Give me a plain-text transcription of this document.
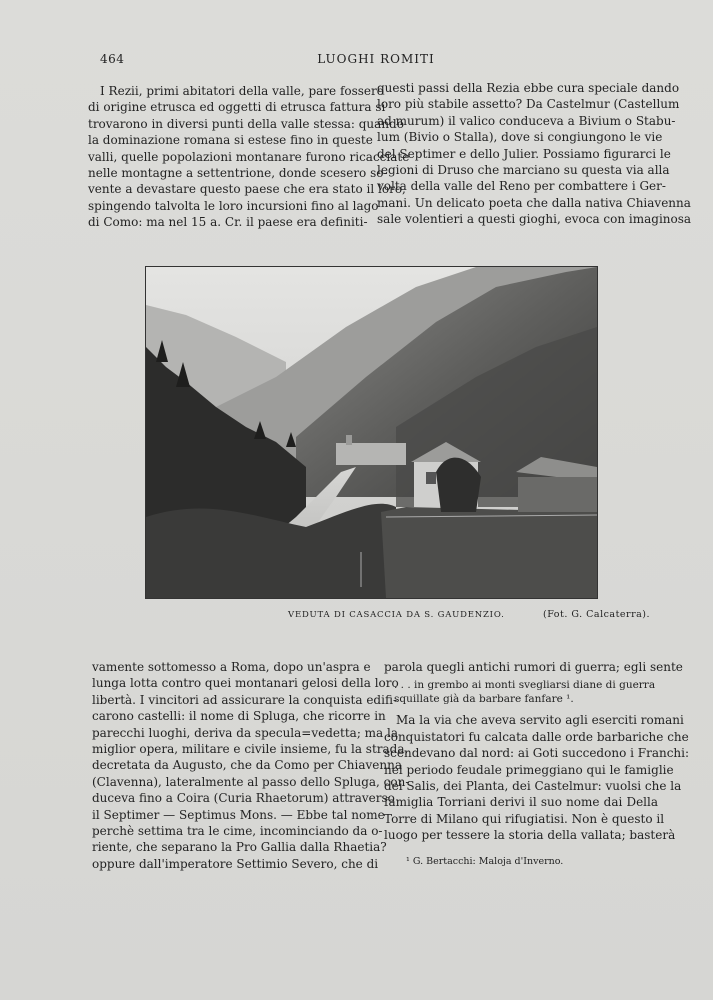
464	LUOGHI ROMITI
I Rezii, primi abitatori della valle, pare fossero
di origine etrusca ed oggetti di etrusca fattura si
trovarono in diversi punti della valle stessa: quando
la dominazione romana si estese fino in queste
valli, quelle popolazioni montanare furono ricacciate
nelle montagne a settentrione, donde scesero so-
vente a devastare questo paese che era stato il loro,
spingendo talvolta le loro incursioni fino al lago
di Como: ma nel 15 a. Cr. il paese era definiti-
questi passi della Rezia ebbe cura speciale dando
loro più stabile assetto? Da Castelmur (Castellum
ad murum) il valico conduceva a Bivium o Stabu-
lum (Bivio o Stalla), dove si congiungono le vie
del Septimer e dello Julier. Possiamo figurarci le
legioni di Druso che marciano su questa via alla
volta della valle del Reno per combattere i Ger-
mani. Un delicato poeta che dalla nativa Chiavenna
sale volentieri a questi gioghi, evoca con imaginosa
VEDUTA DI CASACCIA DA S. GAUDENZIO.	(Fot. G. Calcaterra).
vamente sottomesso a Roma, dopo un'aspra e
lunga lotta contro quei montanari gelosi della loro
libertà. I vincitori ad assicurare la conquista edifi-
carono castelli: il nome di Spluga, che ricorre in
parecchi luoghi, deriva da specula=vedetta; ma la
miglior opera, militare e civile insieme, fu la strada,
decretata da Augusto, che da Como per Chiavenna
(Clavenna), lateralmente al passo dello Spluga, con-
duceva fino a Coira (Curia Rhaetorum) attraverso
il Septimer — Septimus Mons. — Ebbe tal nome
perchè settima tra le cime, incominciando da o-
riente, che separano la Pro Gallia dalla Rhaetia?
oppure dall'imperatore Settimio Severo, che di
parola quegli antichi rumori di guerra; egli sente
. . . in grembo ai monti svegliarsi diane di guerra
squillate già da barbare fanfare ¹.
Ma la via che aveva servito agli eserciti romani
conquistatori fu calcata dalle orde barbariche che
scendevano dal nord: ai Goti succedono i Franchi:
nel periodo feudale primeggiano qui le famiglie
dei Salis, dei Planta, dei Castelmur: vuolsi che la
famiglia Torriani derivi il suo nome dai Della
Torre di Milano qui rifugiatisi. Non è questo il
luogo per tessere la storia della vallata; basterà
¹ G. Bertacchi: Maloja d'Inverno.
